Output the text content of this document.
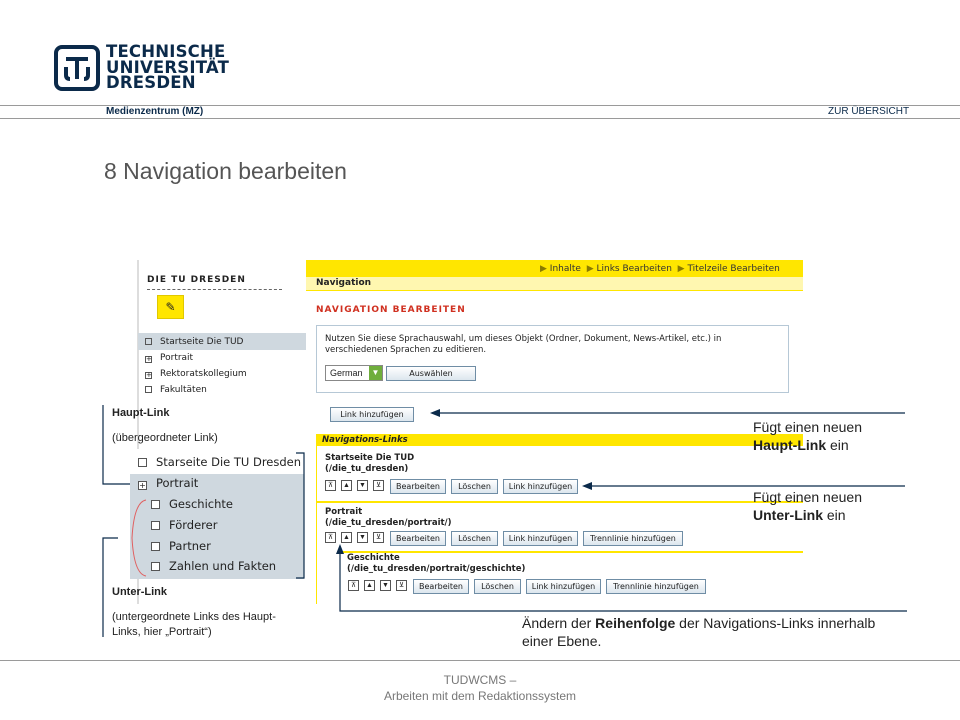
TECHNISCHE
UNIVERSITÄT
DRESDEN
Medienzentrum (MZ)	ZUR ÜBERSICHT
8 Navigation bearbeiten
DIE TU DRESDEN
✎
Startseite Die TUD
+ Portrait
+ Rektoratskollegium
Fakultäten
▶ Inhalte ▶ Links Bearbeiten ▶ Titelzeile Bearbeiten
Navigation
NAVIGATION BEARBEITEN
Nutzen Sie diese Sprachauswahl, um dieses Objekt (Ordner, Dokument, News-Artikel, etc.) in verschiedenen Sprachen zu editieren.
German	▼	Auswählen
Link hinzufügen
Navigations-Links
Startseite Die TUD
(/die_tu_dresden)
⊼	▲ ▼	⊻	Bearbeiten	Löschen	Link hinzufügen
Portrait
(/die_tu_dresden/portrait/)
⊼	▲ ▼	⊻	Bearbeiten	Löschen	Link hinzufügen	Trennlinie hinzufügen
Geschichte
(/die_tu_dresden/portrait/geschichte)
⊼	▲ ▼	⊻	Bearbeiten	Löschen	Link hinzufügen	Trennlinie hinzufügen
Starseite Die TU Dresden
+ Portrait
Geschichte
Förderer
Partner
Zahlen und Fakten
Haupt-Link
(übergeordneter Link)
Unter-Link
(untergeordnete Links des Haupt-
Links, hier „Portrait“)
Fügt einen neuen
Haupt-Link ein
Fügt einen neuen
Unter-Link ein
Ändern der Reihenfolge der Navigations-Links innerhalb
einer Ebene.
TUDWCMS –
Arbeiten mit dem Redaktionssystem
